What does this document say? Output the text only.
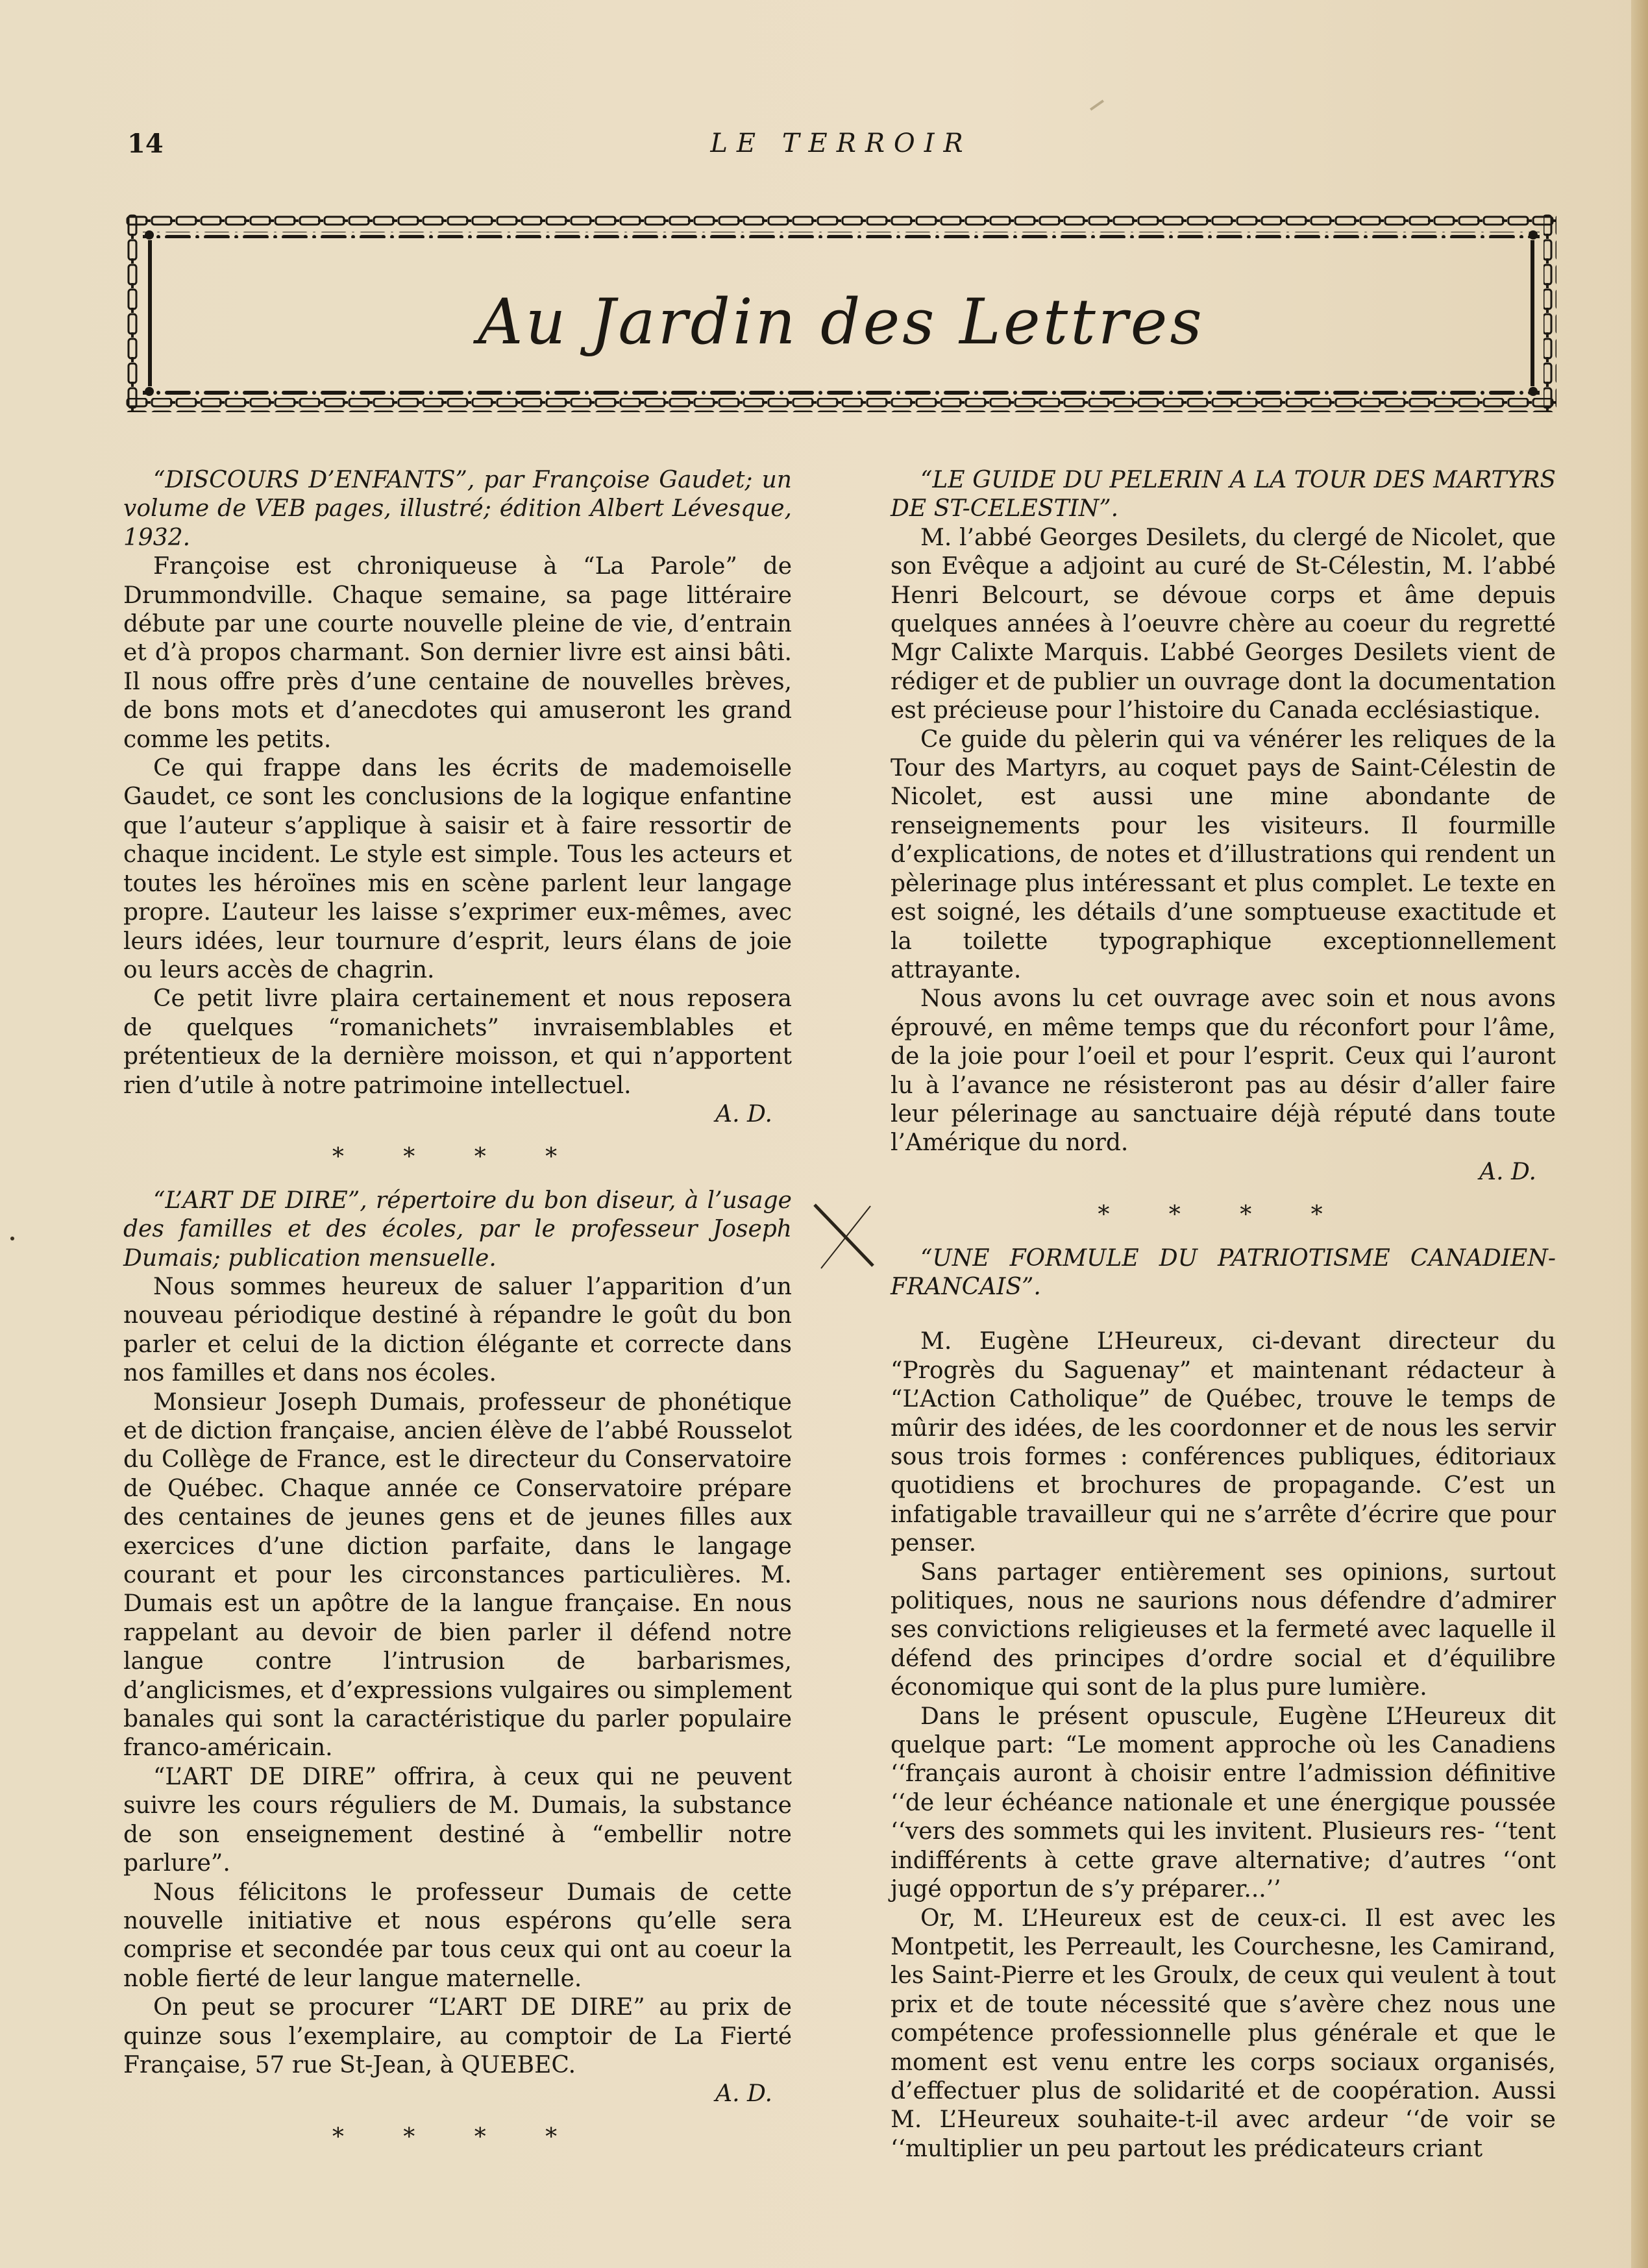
14	LE TERROIR
Au Jardin des Lettres

“DISCOURS D’ENFANTS”, par Françoise Gaudet; un volume de VEB pages, illustré; édition Albert Lévesque, 1932.

Françoise est chroniqueuse à “La Parole” de Drummondville. Chaque semaine, sa page littéraire débute par une courte nouvelle pleine de vie, d’entrain et d’à propos charmant. Son dernier livre est ainsi bâti. Il nous offre près d’une centaine de nouvelles brèves, de bons mots et d’anecdotes qui amuseront les grand comme les petits.

Ce qui frappe dans les écrits de mademoiselle Gaudet, ce sont les conclusions de la logique enfantine que l’auteur s’applique à saisir et à faire ressortir de chaque incident. Le style est simple. Tous les acteurs et toutes les héroïnes mis en scène parlent leur langage propre. L’auteur les laisse s’exprimer eux-mêmes, avec leurs idées, leur tournure d’esprit, leurs élans de joie ou leurs accès de chagrin.

Ce petit livre plaira certainement et nous reposera de quelques “romanichets” invraisemblables et prétentieux de la dernière moisson, et qui n’apportent rien d’utile à notre patrimoine intellectuel.

A. D.

* * * *

“L’ART DE DIRE”, répertoire du bon diseur, à l’usage des familles et des écoles, par le professeur Joseph Dumais; publication mensuelle.

Nous sommes heureux de saluer l’apparition d’un nouveau périodique destiné à répandre le goût du bon parler et celui de la diction élégante et correcte dans nos familles et dans nos écoles.

Monsieur Joseph Dumais, professeur de phonétique et de diction française, ancien élève de l’abbé Rousselot du Collège de France, est le directeur du Conservatoire de Québec. Chaque année ce Conservatoire prépare des centaines de jeunes gens et de jeunes filles aux exercices d’une diction parfaite, dans le langage courant et pour les circonstances particulières. M. Dumais est un apôtre de la langue française. En nous rappelant au devoir de bien parler il défend notre langue contre l’intrusion de barbarismes, d’anglicismes, et d’expressions vulgaires ou simplement banales qui sont la caractéristique du parler populaire franco-américain.

“L’ART DE DIRE” offrira, à ceux qui ne peuvent suivre les cours réguliers de M. Dumais, la substance de son enseignement destiné à “embellir notre parlure”.

Nous félicitons le professeur Dumais de cette nouvelle initiative et nous espérons qu’elle sera comprise et secondée par tous ceux qui ont au coeur la noble fierté de leur langue maternelle.

On peut se procurer “L’ART DE DIRE” au prix de quinze sous l’exemplaire, au comptoir de La Fierté Française, 57 rue St-Jean, à QUEBEC.

A. D.

* * * *

“LE GUIDE DU PELERIN A LA TOUR DES MARTYRS DE ST-CELESTIN”.

M. l’abbé Georges Desilets, du clergé de Nicolet, que son Evêque a adjoint au curé de St-Célestin, M. l’abbé Henri Belcourt, se dévoue corps et âme depuis quelques années à l’oeuvre chère au coeur du regretté Mgr Calixte Marquis. L’abbé Georges Desilets vient de rédiger et de publier un ouvrage dont la documentation est précieuse pour l’histoire du Canada ecclésiastique.

Ce guide du pèlerin qui va vénérer les reliques de la Tour des Martyrs, au coquet pays de Saint-Célestin de Nicolet, est aussi une mine abondante de renseignements pour les visiteurs. Il fourmille d’explications, de notes et d’illustrations qui rendent un pèlerinage plus intéressant et plus complet. Le texte en est soigné, les détails d’une somptueuse exactitude et la toilette typographique exceptionnellement attrayante.

Nous avons lu cet ouvrage avec soin et nous avons éprouvé, en même temps que du réconfort pour l’âme, de la joie pour l’oeil et pour l’esprit. Ceux qui l’auront lu à l’avance ne résisteront pas au désir d’aller faire leur pélerinage au sanctuaire déjà réputé dans toute l’Amérique du nord.

A. D.

* * * *

“UNE FORMULE DU PATRIOTISME CANADIEN-FRANCAIS”.

M. Eugène L’Heureux, ci-devant directeur du “Progrès du Saguenay” et maintenant rédacteur à “L’Action Catholique” de Québec, trouve le temps de mûrir des idées, de les coordonner et de nous les servir sous trois formes : conférences publiques, éditoriaux quotidiens et brochures de propagande. C’est un infatigable travailleur qui ne s’arrête d’écrire que pour penser.

Sans partager entièrement ses opinions, surtout politiques, nous ne saurions nous défendre d’admirer ses convictions religieuses et la fermeté avec laquelle il défend des principes d’ordre social et d’équilibre économique qui sont de la plus pure lumière.

Dans le présent opuscule, Eugène L’Heureux dit quelque part: “Le moment approche où les Canadiens ‘‘français auront à choisir entre l’admission définitive ‘‘de leur échéance nationale et une énergique poussée ‘‘vers des sommets qui les invitent. Plusieurs res- ‘‘tent indifférents à cette grave alternative; d’autres ‘‘ont jugé opportun de s’y préparer...’’

Or, M. L’Heureux est de ceux-ci. Il est avec les Montpetit, les Perreault, les Courchesne, les Camirand, les Saint-Pierre et les Groulx, de ceux qui veulent à tout prix et de toute nécessité que s’avère chez nous une compétence professionnelle plus générale et que le moment est venu entre les corps sociaux organisés, d’effectuer plus de solidarité et de coopération. Aussi M. L’Heureux souhaite-t-il avec ardeur ‘‘de voir se ‘‘multiplier un peu partout les prédicateurs criant
